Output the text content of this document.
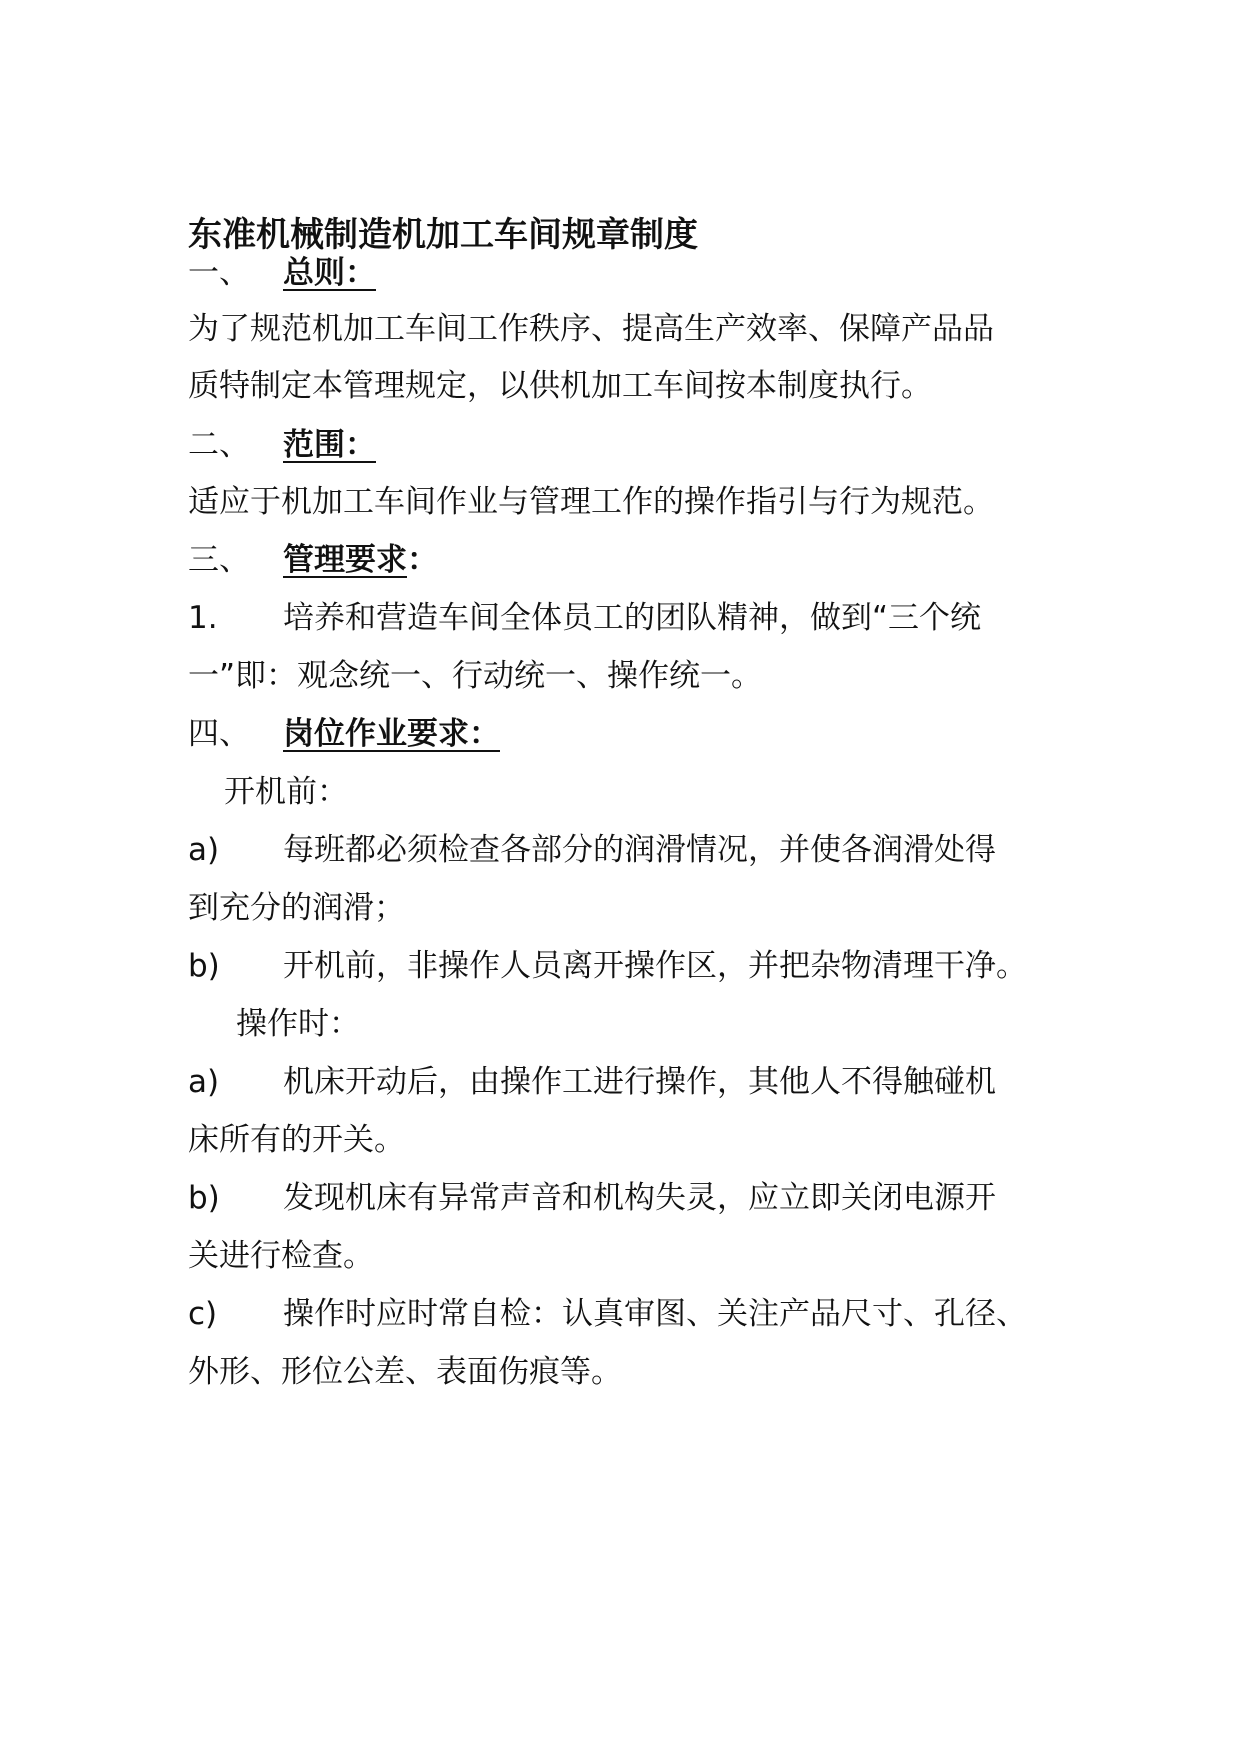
东准机械制造机加工车间规章制度
一、 总则：
为了规范机加工车间工作秩序、提高生产效率、保障产品品
质特制定本管理规定，以供机加工车间按本制度执行。
二、 范围：
适应于机加工车间作业与管理工作的操作指引与行为规范。
三、 管理要求：
1. 培养和营造车间全体员工的团队精神，做到“三个统
一”即：观念统一、行动统一、操作统一。
四、 岗位作业要求：
开机前：
a) 每班都必须检查各部分的润滑情况，并使各润滑处得
到充分的润滑；
b) 开机前，非操作人员离开操作区，并把杂物清理干净。
操作时：
a) 机床开动后，由操作工进行操作，其他人不得触碰机
床所有的开关。
b) 发现机床有异常声音和机构失灵，应立即关闭电源开
关进行检查。
c) 操作时应时常自检：认真审图、关注产品尺寸、孔径、
外形、形位公差、表面伤痕等。
